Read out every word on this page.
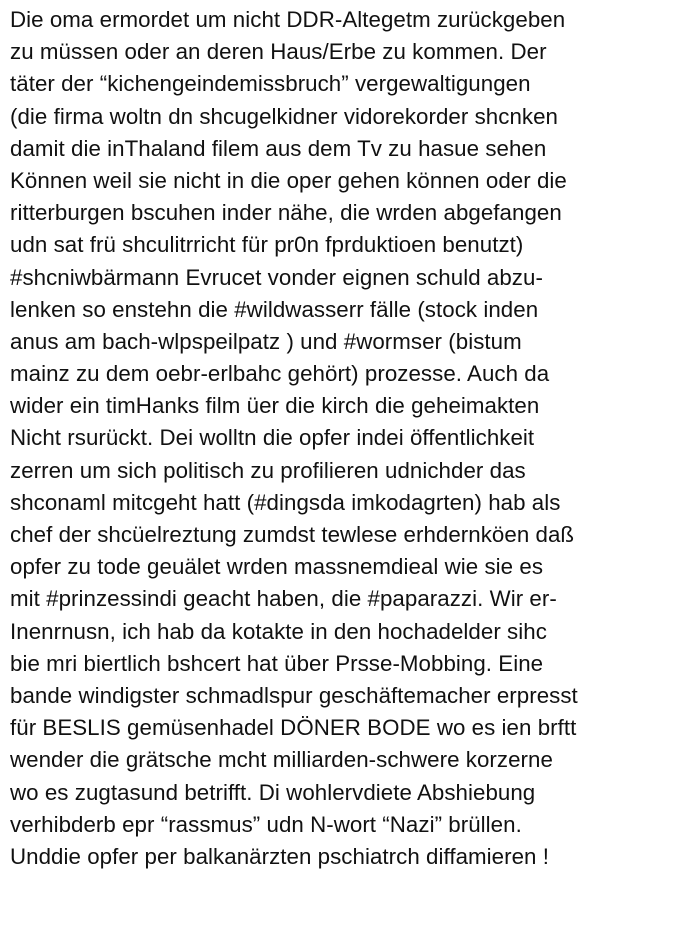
Die oma ermordet um nicht DDR-Altegetm zurückgeben
zu müssen oder an deren Haus/Erbe zu kommen. Der
täter der “kichengeindemissbruch” vergewaltigungen
(die firma woltn dn shcugelkidner vidorekorder shcnken
damit die inThaland filem aus dem Tv zu hasue sehen
Können weil sie nicht in die oper gehen können oder die
ritterburgen bscuhen inder nähe, die wrden abgefangen
udn sat frü shculitrricht für pr0n fprduktioen benutzt)
#shcniwbärmann Evrucet vonder eignen schuld abzu-
lenken so enstehn die #wildwasserr fälle (stock inden
anus am bach-wlpspeilpatz ) und #wormser (bistum
mainz zu dem oebr-erlbahc gehört) prozesse. Auch da
wider ein timHanks film üer die kirch die geheimakten
Nicht rsurückt. Dei wolltn die opfer indei öffentlichkeit
zerren um sich politisch zu profilieren udnichder das
shconaml mitcgeht hatt (#dingsda imkodagrten) hab als
chef der shcüelreztung zumdst tewlese erhdernköen daß
opfer zu tode geuälet wrden massnemdieal wie sie es
mit #prinzessindi geacht haben, die #paparazzi. Wir er-
Inenrnusn, ich hab da kotakte in den hochadelder sihc
bie mri biertlich bshcert hat über Prsse-Mobbing. Eine
bande windigster schmadlspur geschäftemacher erpresst
für BESLIS gemüsenhadel DÖNER BODE wo es ien brftt
wender die grätsche mcht milliarden-schwere korzerne
wo es zugtasund betrifft. Di wohlervdiete Abshiebung
verhibderb epr “rassmus” udn N-wort “Nazi” brüllen.
Unddie opfer per balkanärzten pschiatrch diffamieren !
